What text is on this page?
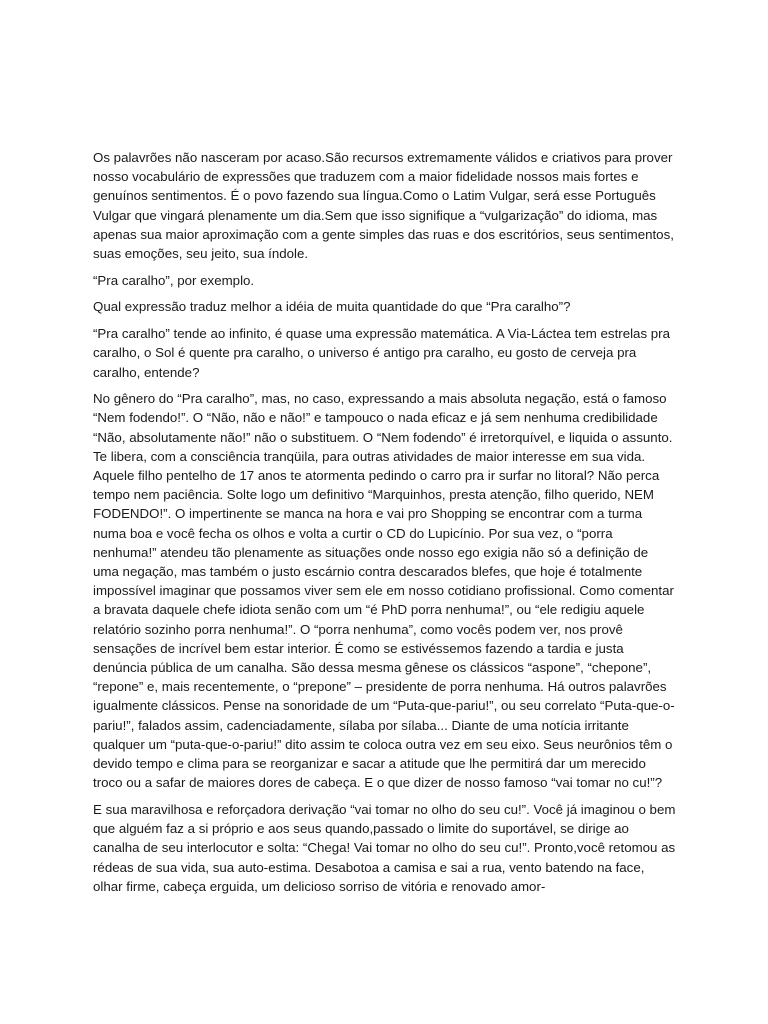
Os palavrões não nasceram por acaso.São recursos extremamente válidos e criativos para prover nosso vocabulário de expressões que traduzem com a maior fidelidade nossos mais fortes e genuínos sentimentos. É o povo fazendo sua língua.Como o Latim Vulgar, será esse Português Vulgar que vingará plenamente um dia.Sem que isso signifique a “vulgarização” do idioma, mas apenas sua maior aproximação com a gente simples das ruas e dos escritórios, seus sentimentos, suas emoções, seu jeito, sua índole.

“Pra caralho”, por exemplo.

Qual expressão traduz melhor a idéia de muita quantidade do que “Pra caralho”?

“Pra caralho” tende ao infinito, é quase uma expressão matemática. A Via-Láctea tem estrelas pra caralho, o Sol é quente pra caralho, o universo é antigo pra caralho, eu gosto de cerveja pra caralho, entende?

No gênero do “Pra caralho”, mas, no caso, expressando a mais absoluta negação, está o famoso “Nem fodendo!”. O “Não, não e não!” e tampouco o nada eficaz e já sem nenhuma credibilidade “Não, absolutamente não!” não o substituem. O “Nem fodendo” é irretorquível, e liquida o assunto. Te libera, com a consciência tranqüila, para outras atividades de maior interesse em sua vida. Aquele filho pentelho de 17 anos te atormenta pedindo o carro pra ir surfar no litoral? Não perca tempo nem paciência. Solte logo um definitivo “Marquinhos, presta atenção, filho querido, NEM FODENDO!”. O impertinente se manca na hora e vai pro Shopping se encontrar com a turma numa boa e você fecha os olhos e volta a curtir o CD do Lupicínio. Por sua vez, o “porra nenhuma!” atendeu tão plenamente as situações onde nosso ego exigia não só a definição de uma negação, mas também o justo escárnio contra descarados blefes, que hoje é totalmente impossível imaginar que possamos viver sem ele em nosso cotidiano profissional. Como comentar a bravata daquele chefe idiota senão com um “é PhD porra nenhuma!”, ou “ele redigiu aquele relatório sozinho porra nenhuma!”. O “porra nenhuma”, como vocês podem ver, nos provê sensações de incrível bem estar interior. É como se estivéssemos fazendo a tardia e justa denúncia pública de um canalha. São dessa mesma gênese os clássicos “aspone”, “chepone”, “repone” e, mais recentemente, o “prepone” – presidente de porra nenhuma. Há outros palavrões igualmente clássicos. Pense na sonoridade de um “Puta-que-pariu!”, ou seu correlato “Puta-que-o-pariu!”, falados assim, cadenciadamente, sílaba por sílaba... Diante de uma notícia irritante qualquer um “puta-que-o-pariu!” dito assim te coloca outra vez em seu eixo. Seus neurônios têm o devido tempo e clima para se reorganizar e sacar a atitude que lhe permitirá dar um merecido troco ou a safar de maiores dores de cabeça. E o que dizer de nosso famoso “vai tomar no cu!”?

E sua maravilhosa e reforçadora derivação “vai tomar no olho do seu cu!”. Você já imaginou o bem que alguém faz a si próprio e aos seus quando,passado o limite do suportável, se dirige ao canalha de seu interlocutor e solta: “Chega! Vai tomar no olho do seu cu!”. Pronto,você retomou as rédeas de sua vida, sua auto-estima. Desabotoa a camisa e sai a rua, vento batendo na face, olhar firme, cabeça erguida, um delicioso sorriso de vitória e renovado amor-
